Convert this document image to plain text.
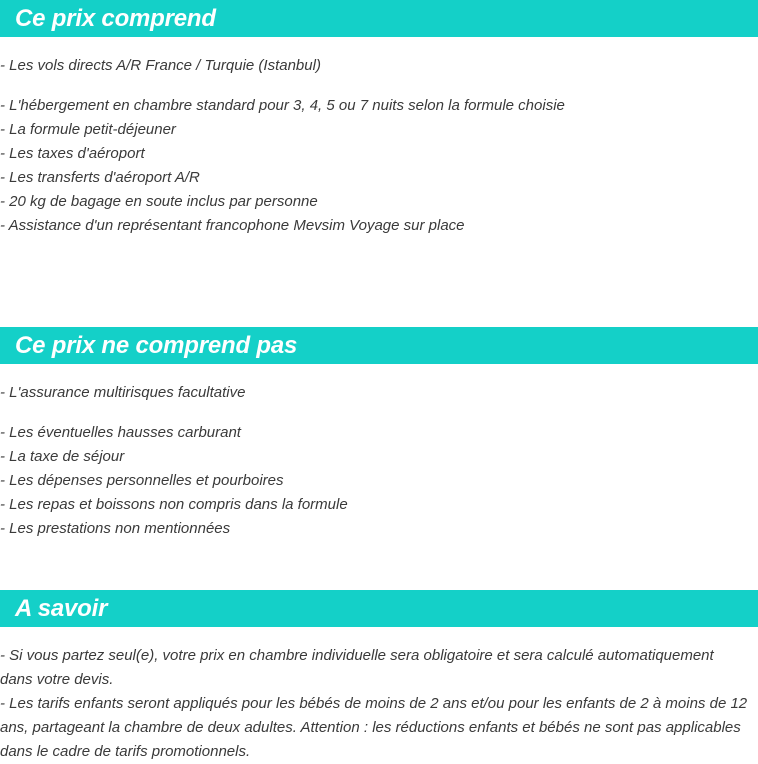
Ce prix comprend
- Les vols directs A/R France / Turquie (Istanbul)
- L'hébergement en chambre standard pour 3, 4, 5 ou 7 nuits selon la formule choisie
- La formule petit-déjeuner
- Les taxes d'aéroport
- Les transferts d'aéroport A/R
- 20 kg de bagage en soute inclus par personne
- Assistance d'un représentant francophone Mevsim Voyage sur place
Ce prix ne comprend pas
- L'assurance multirisques facultative
- Les éventuelles hausses carburant
- La taxe de séjour
- Les dépenses personnelles et pourboires
- Les repas et boissons non compris dans la formule
- Les prestations non mentionnées
A savoir
- Si vous partez seul(e), votre prix en chambre individuelle sera obligatoire et sera calculé automatiquement dans votre devis.
- Les tarifs enfants seront appliqués pour les bébés de moins de 2 ans et/ou pour les enfants de 2 à moins de 12 ans, partageant la chambre de deux adultes. Attention : les réductions enfants et bébés ne sont pas applicables dans le cadre de tarifs promotionnels.
